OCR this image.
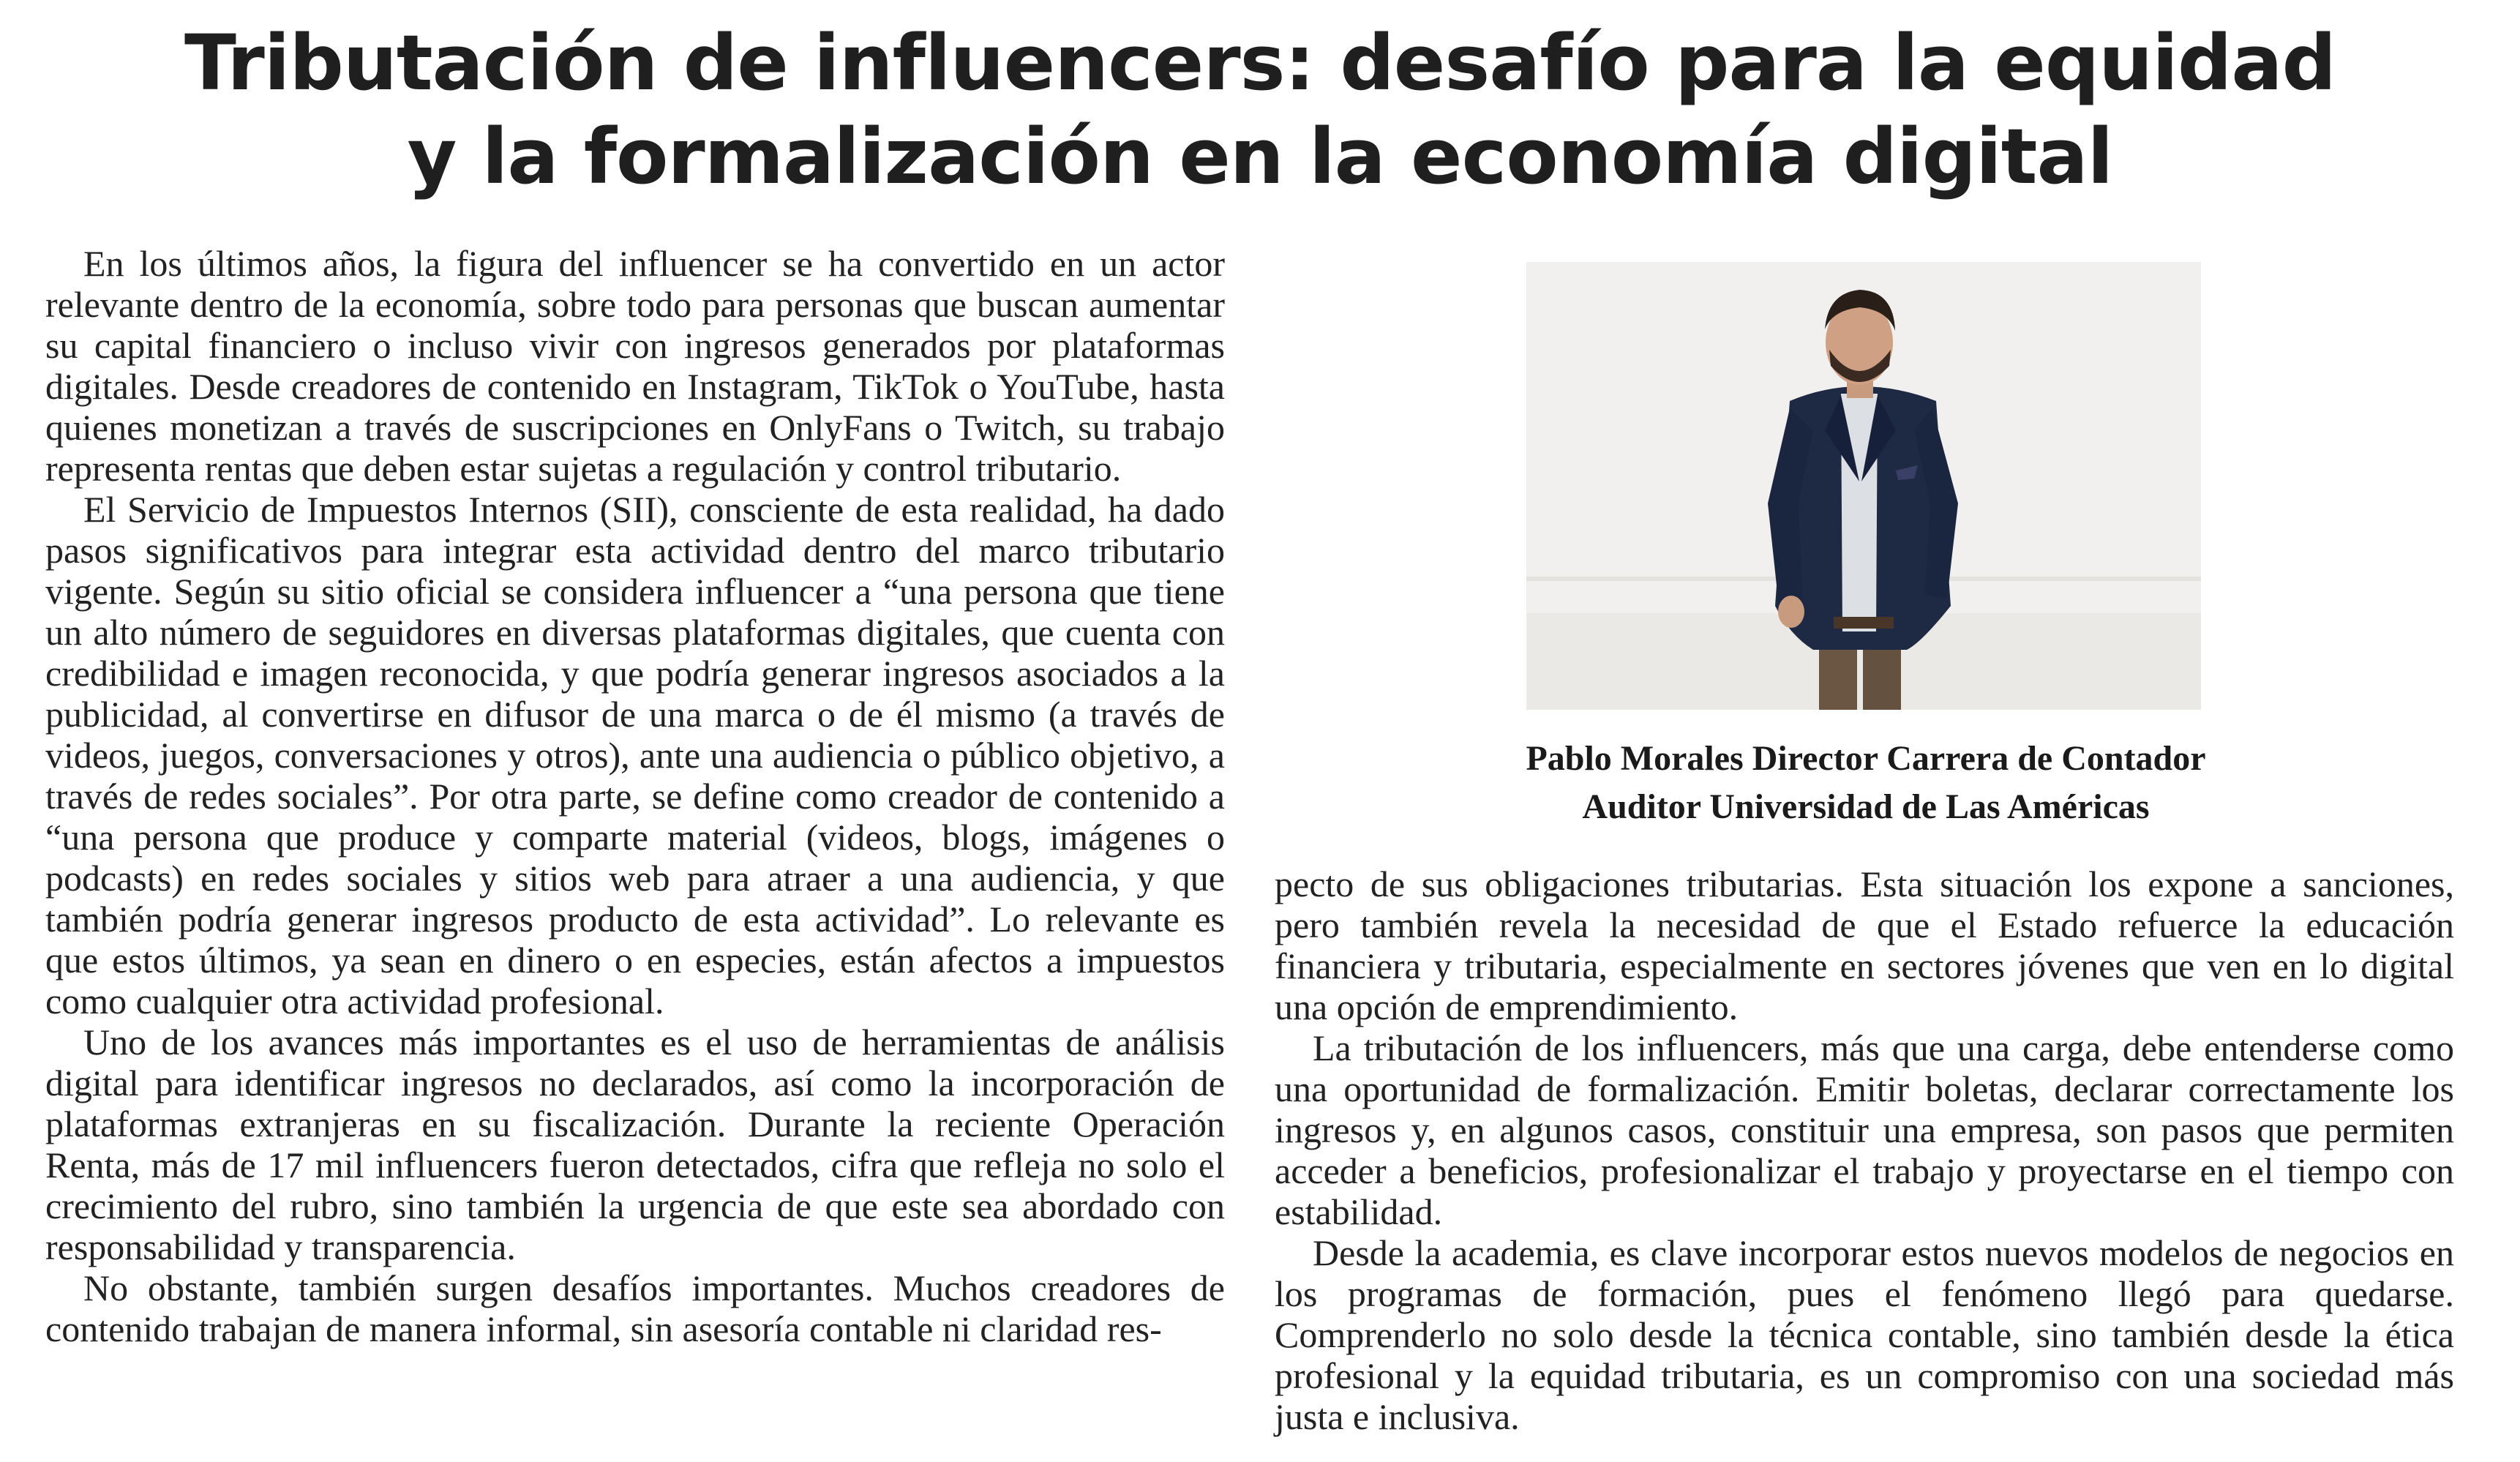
Tributación de influencers: desafío para la equidad
y la formalización en la economía digital

En los últimos años, la figura del influencer se ha convertido en un actor relevante dentro de la economía, sobre todo para personas que buscan aumentar su capital financiero o incluso vivir con ingresos generados por plataformas digitales. Desde creadores de contenido en Instagram, TikTok o YouTube, hasta quienes monetizan a través de suscripciones en OnlyFans o Twitch, su trabajo representa rentas que deben estar sujetas a regulación y control tributario.

El Servicio de Impuestos Internos (SII), consciente de esta realidad, ha dado pasos significativos para integrar esta actividad dentro del marco tributario vigente. Según su sitio oficial se considera influencer a “una persona que tiene un alto número de seguidores en diversas plataformas digitales, que cuenta con credibilidad e imagen reconocida, y que podría generar ingresos asociados a la publicidad, al convertirse en difusor de una marca o de él mismo (a través de videos, juegos, conversaciones y otros), ante una audiencia o público objetivo, a través de redes sociales”. Por otra parte, se define como creador de contenido a “una persona que produce y comparte material (videos, blogs, imágenes o podcasts) en redes sociales y sitios web para atraer a una audiencia, y que también podría generar ingresos producto de esta actividad”. Lo relevante es que estos últimos, ya sean en dinero o en especies, están afectos a impuestos como cualquier otra actividad profesional.

Uno de los avances más importantes es el uso de herramientas de análisis digital para identificar ingresos no declarados, así como la incorporación de plataformas extranjeras en su fiscalización. Durante la reciente Operación Renta, más de 17 mil influencers fueron detectados, cifra que refleja no solo el crecimiento del rubro, sino también la urgencia de que este sea abordado con responsabilidad y transparencia.

No obstante, también surgen desafíos importantes. Muchos creadores de contenido trabajan de manera informal, sin asesoría contable ni claridad res-

Pablo Morales Director Carrera de Contador
Auditor Universidad de Las Américas

pecto de sus obligaciones tributarias. Esta situación los expone a sanciones, pero también revela la necesidad de que el Estado refuerce la educación financiera y tributaria, especialmente en sectores jóvenes que ven en lo digital una opción de emprendimiento.

La tributación de los influencers, más que una carga, debe entenderse como una oportunidad de formalización. Emitir boletas, declarar correctamente los ingresos y, en algunos casos, constituir una empresa, son pasos que permiten acceder a beneficios, profesionalizar el trabajo y proyectarse en el tiempo con estabilidad.

Desde la academia, es clave incorporar estos nuevos modelos de negocios en los programas de formación, pues el fenómeno llegó para quedarse. Comprenderlo no solo desde la técnica contable, sino también desde la ética profesional y la equidad tributaria, es un compromiso con una sociedad más justa e inclusiva.
